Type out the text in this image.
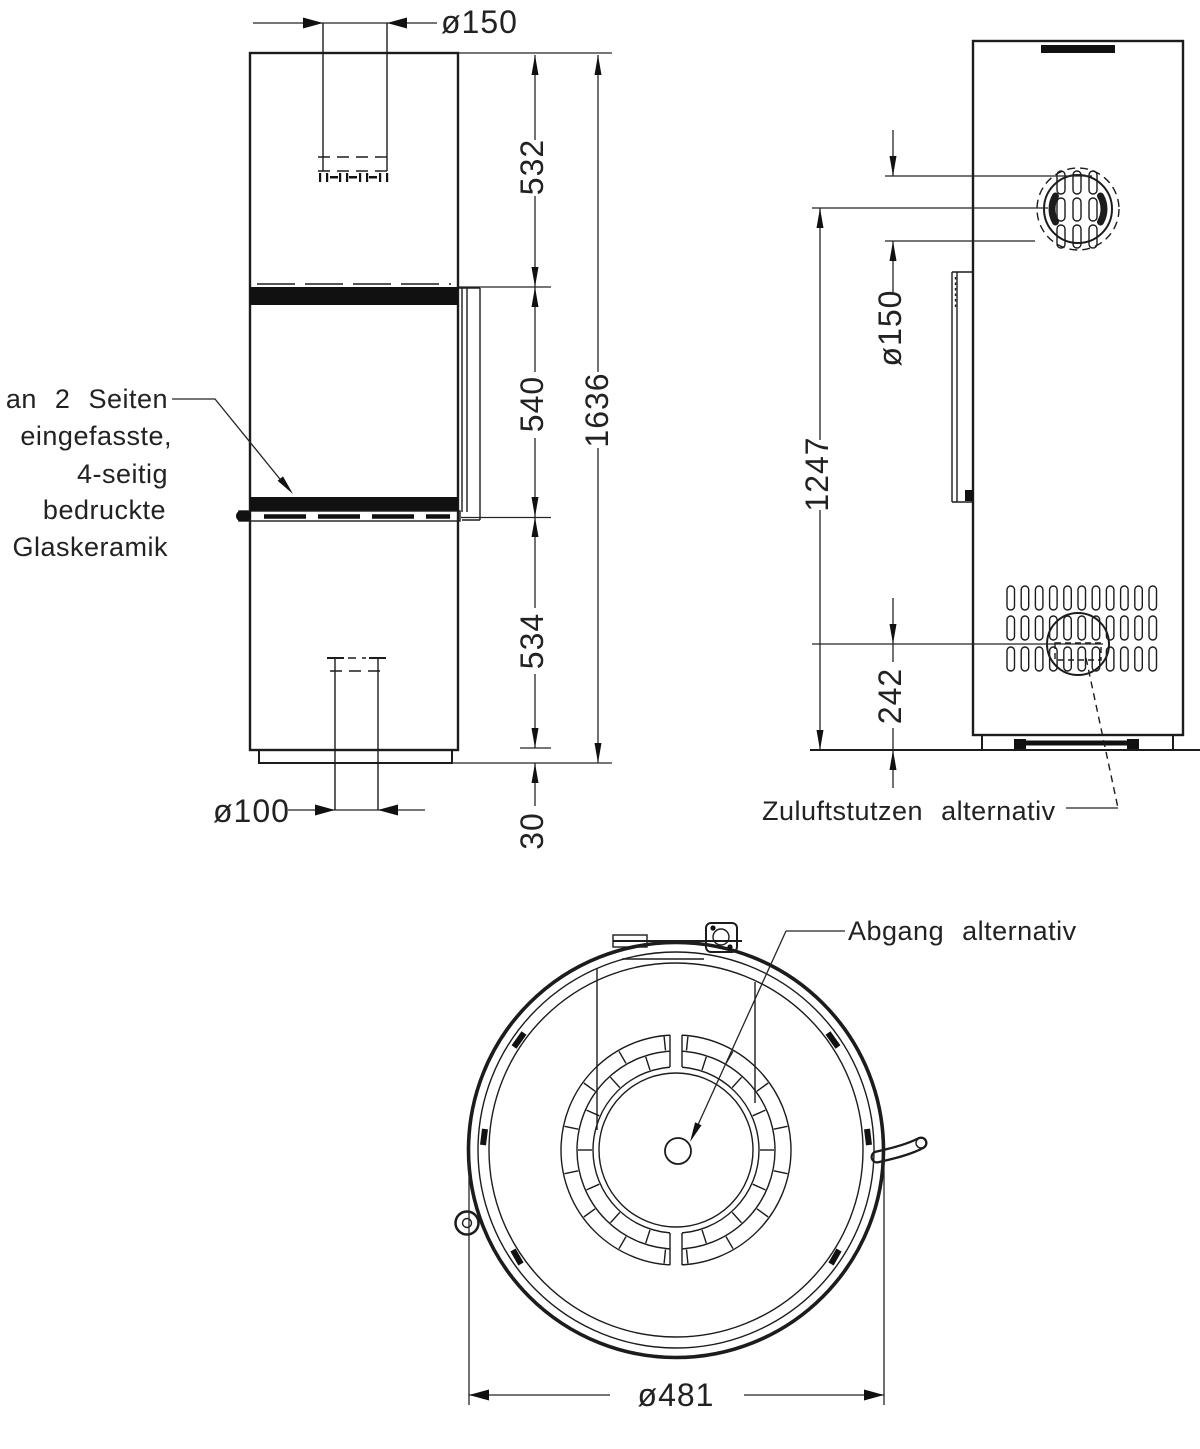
ø150
532
540
534
30
1636
ø100
an 2 Seiten
eingefasste,
4-seitig
bedruckte
Glaskeramik
ø150
1247
242
Zuluftstutzen alternativ
Abgang alternativ
ø481
